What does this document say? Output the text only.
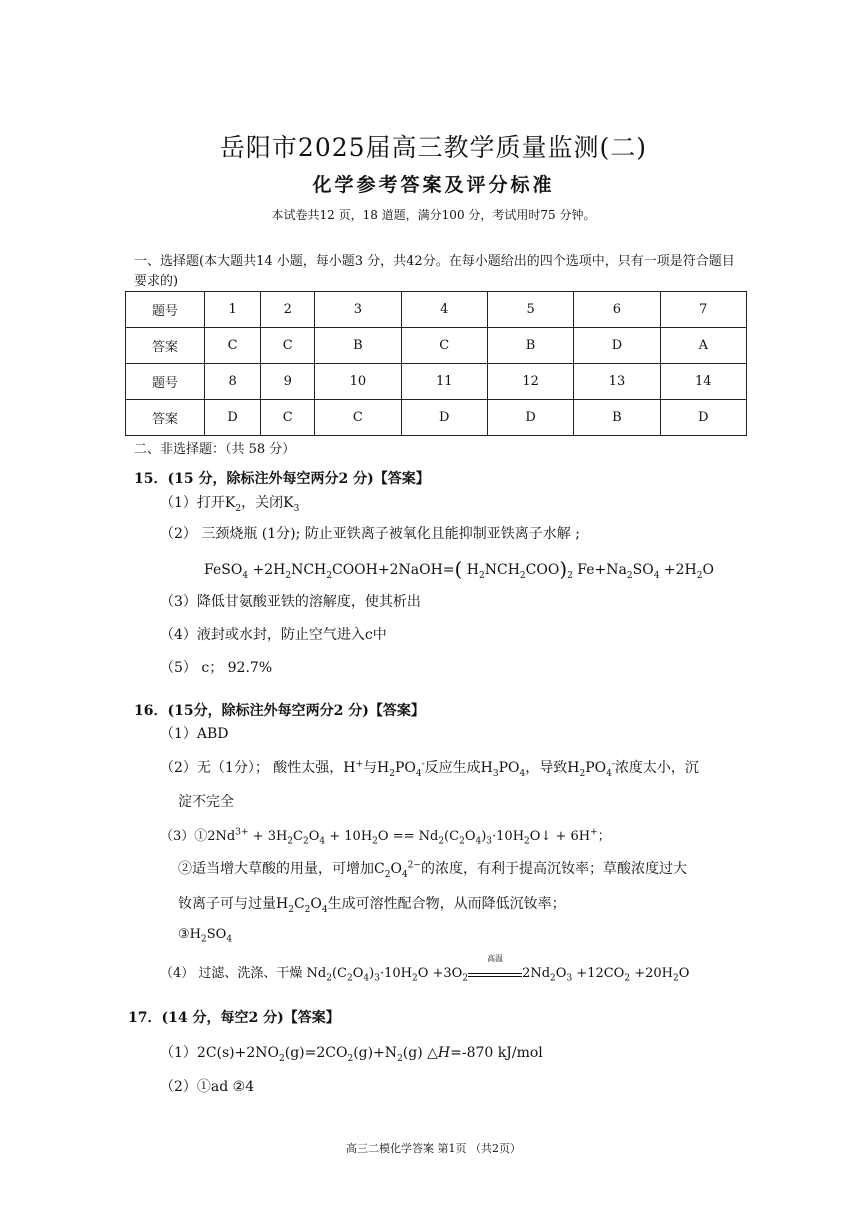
岳阳市2025届高三教学质量监测(二)
化学参考答案及评分标准
本试卷共12 页，18 道题，满分100 分，考试用时75 分钟。
一、选择题(本大题共14 小题，每小题3 分，共42分。在每小题给出的四个选项中，只有一项是符合题目要求的)
题号	1	2	3	4	5	6	7
答案	C	C	B	C	B	D	A
题号	8	9	10	11	12	13	14
答案	D	C	C	D	D	B	D
二、非选择题：（共 58 分）
15．(15 分，除标注外每空两分2 分)【答案】
（1）打开$K_2$，关闭$K_3$
（2） 三颈烧瓶 (1分); 防止亚铁离子被氧化且能抑制亚铁离子水解 ;
FeSO$_4$ $+2H_2NCH_2COOH+2NaOH=$( $H_2NCH_2COO)_2$ $Fe+Na_2SO_4 +2H_2O$
（3）降低甘氨酸亚铁的溶解度，使其析出
（4）液封或水封，防止空气进入c中
（5） c； 92.7%
16．(15分，除标注外每空两分2 分)【答案】
（1）ABD
（2）无（1分）； 酸性太强，H+与$H_2PO_4^-$反应生成$H_3PO_4$，导致$H_2PO_4^-$浓度太小，沉
淀不完全
$(3)①2Nd^{3+} + 3H_2C_2O_4 + 10H_2O$ == $Nd_2(C_2O_4)_3\cdot 10H_2O↓ + 6H^+$；
②适当增大草酸的用量，可增加$C_2O_4^{2-}$的浓度，有利于提高沉钕率；草酸浓度过大
钕离子可与过量$H_2C_2O_4$生成可溶性配合物，从而降低沉钕率；
$③H_2SO_4$
（4） 过滤、洗涤、干燥 $Nd_2(C_2O_4)_3\cdot 10H_2O +3O_2$
高温
$2Nd_2O_3 +12CO_2 +20H_2O$
17．(14 分，每空2 分)【答案】
$(1)2C(s)+2NO_2(g)=2CO_2(g)+N_2(g)$ △H=-870 kJ/mol
（2）①ad ②4
高三二模化学答案 第1页 （共2页）
